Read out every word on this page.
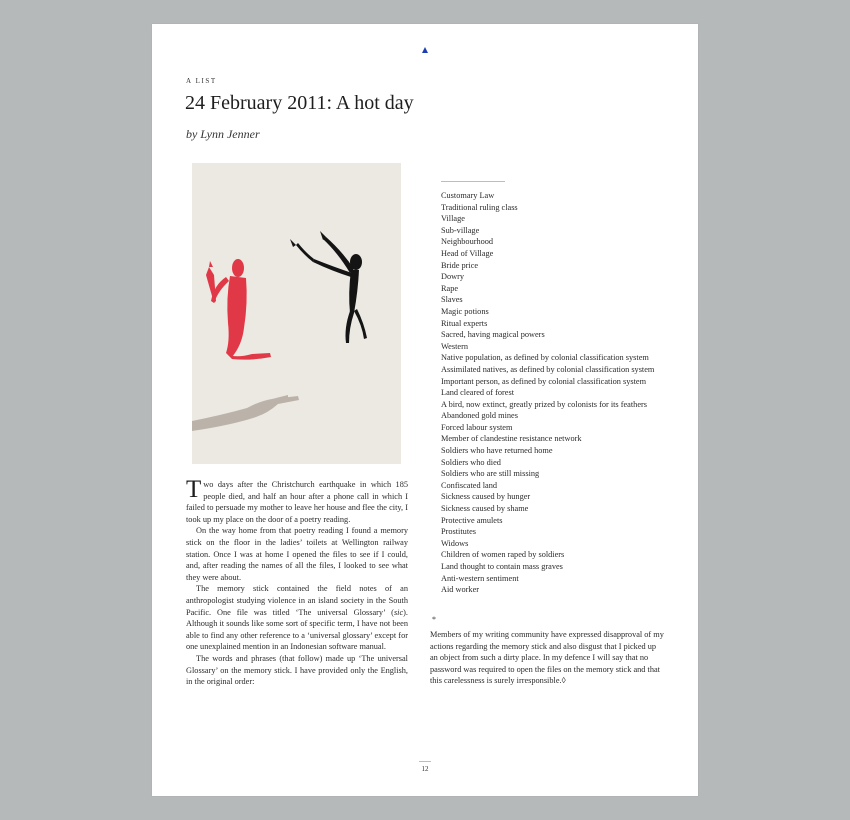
A LIST
24 February 2011: A hot day
by Lynn Jenner

Two days after the Christchurch earthquake in which 185 people died, and half an hour after a phone call in which I failed to persuade my mother to leave her house and flee the city, I took up my place on the door of a poetry reading.

On the way home from that poetry reading I found a memory stick on the floor in the ladies’ toilets at Wellington railway station. Once I was at home I opened the files to see if I could, and, after reading the names of all the files, I looked to see what they were about.

The memory stick contained the field notes of an anthropologist studying violence in an island society in the South Pacific. One file was titled ‘The universal Glossary’ (sic). Although it sounds like some sort of specific term, I have not been able to find any other reference to a ‘universal glossary’ except for one unexplained mention in an Indonesian software manual.

The words and phrases (that follow) made up ‘The universal Glossary’ on the memory stick. I have provided only the English, in the original order:

Customary Law
Traditional ruling class
Village
Sub-village
Neighbourhood
Head of Village
Bride price
Dowry
Rape
Slaves
Magic potions
Ritual experts
Sacred, having magical powers
Western
Native population, as defined by colonial classification system
Assimilated natives, as defined by colonial classification system
Important person, as defined by colonial classification system
Land cleared of forest
A bird, now extinct, greatly prized by colonists for its feathers
Abandoned gold mines
Forced labour system
Member of clandestine resistance network
Soldiers who have returned home
Soldiers who died
Soldiers who are still missing
Confiscated land
Sickness caused by hunger
Sickness caused by shame
Protective amulets
Prostitutes
Widows
Children of women raped by soldiers
Land thought to contain mass graves
Anti-western sentiment
Aid worker
*

Members of my writing community have expressed disapproval of my actions regarding the memory stick and also disgust that I picked up an object from such a dirty place. In my defence I will say that no password was required to open the files on the memory stick and that this carelessness is surely irresponsible.◊

12
